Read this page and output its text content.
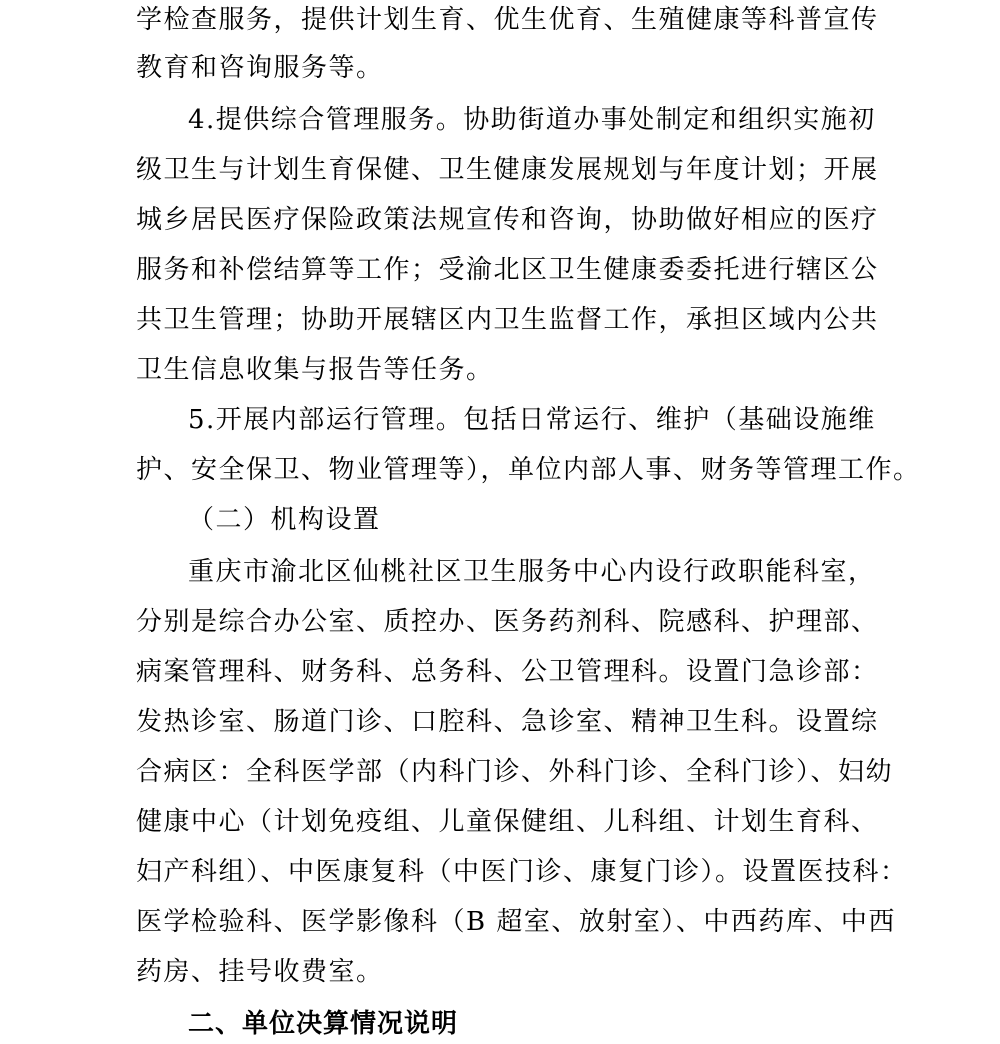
学检查服务，提供计划生育、优生优育、生殖健康等科普宣传
教育和咨询服务等。
4.提供综合管理服务。协助街道办事处制定和组织实施初
级卫生与计划生育保健、卫生健康发展规划与年度计划；开展
城乡居民医疗保险政策法规宣传和咨询，协助做好相应的医疗
服务和补偿结算等工作；受渝北区卫生健康委委托进行辖区公
共卫生管理；协助开展辖区内卫生监督工作，承担区域内公共
卫生信息收集与报告等任务。
5.开展内部运行管理。包括日常运行、维护（基础设施维
护、安全保卫、物业管理等），单位内部人事、财务等管理工作。
（二）机构设置
重庆市渝北区仙桃社区卫生服务中心内设行政职能科室，
分别是综合办公室、质控办、医务药剂科、院感科、护理部、
病案管理科、财务科、总务科、公卫管理科。设置门急诊部：
发热诊室、肠道门诊、口腔科、急诊室、精神卫生科。设置综
合病区：全科医学部（内科门诊、外科门诊、全科门诊）、妇幼
健康中心（计划免疫组、儿童保健组、儿科组、计划生育科、
妇产科组）、中医康复科（中医门诊、康复门诊）。设置医技科：
医学检验科、医学影像科（B 超室、放射室）、中西药库、中西
药房、挂号收费室。
二、单位决算情况说明
